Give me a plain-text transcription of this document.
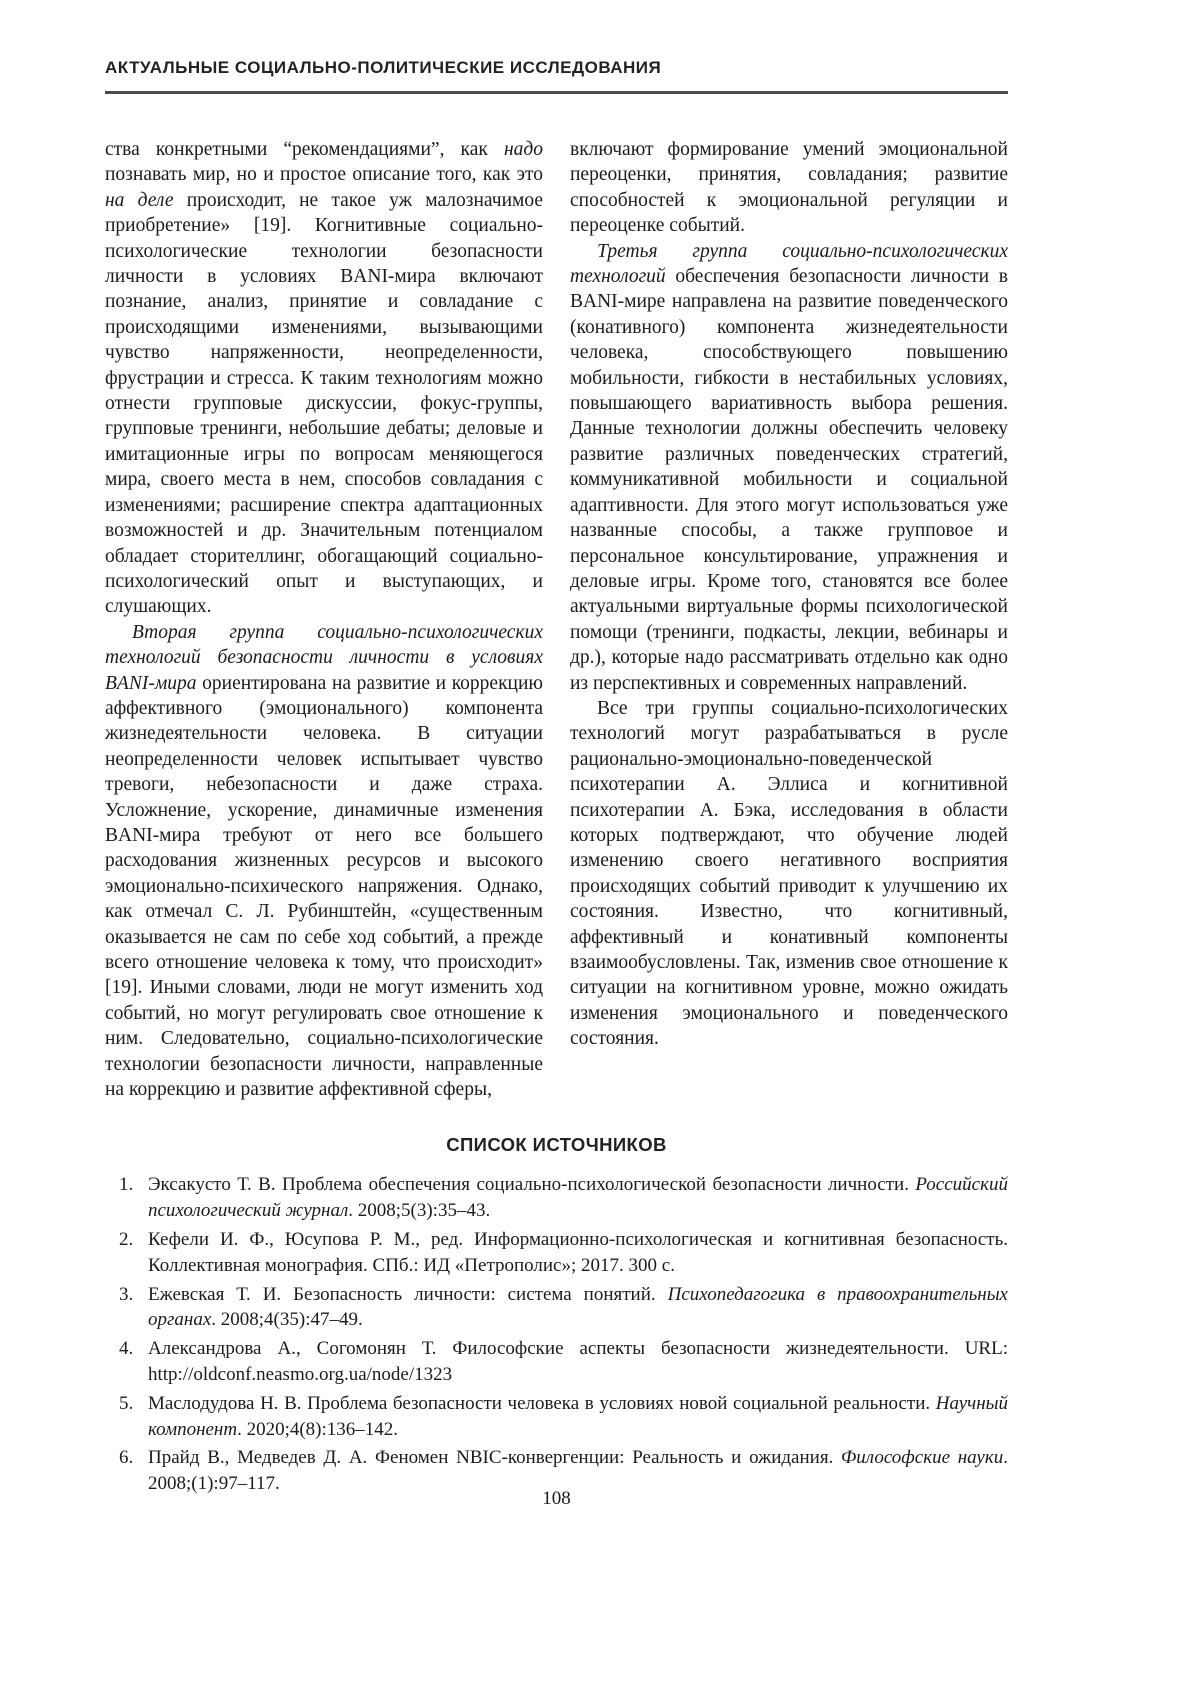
АКТУАЛЬНЫЕ СОЦИАЛЬНО-ПОЛИТИЧЕСКИЕ ИССЛЕДОВАНИЯ

ства конкретными “рекомендациями”, как надо познавать мир, но и простое описание того, как это на деле происходит, не такое уж малозначимое приобретение» [19]. Когнитивные социально-психологические технологии безопасности личности в условиях BANI-мира включают познание, анализ, принятие и совладание с происходящими изменениями, вызывающими чувство напряженности, неопределенности, фрустрации и стресса. К таким технологиям можно отнести групповые дискуссии, фокус-группы, групповые тренинги, небольшие дебаты; деловые и имитационные игры по вопросам меняющегося мира, своего места в нем, способов совладания с изменениями; расширение спектра адаптационных возможностей и др. Значительным потенциалом обладает сторителлинг, обогащающий социально-психологический опыт и выступающих, и слушающих.

Вторая группа социально-психологических технологий безопасности личности в условиях BANI-мира ориентирована на развитие и коррекцию аффективного (эмоционального) компонента жизнедеятельности человека. В ситуации неопределенности человек испытывает чувство тревоги, небезопасности и даже страха. Усложнение, ускорение, динамичные изменения BANI-мира требуют от него все большего расходования жизненных ресурсов и высокого эмоционально-психического напряжения. Однако, как отмечал С. Л. Рубинштейн, «существенным оказывается не сам по себе ход событий, а прежде всего отношение человека к тому, что происходит» [19]. Иными словами, люди не могут изменить ход событий, но могут регулировать свое отношение к ним. Следовательно, социально-психологические технологии безопасности личности, направленные на коррекцию и развитие аффективной сферы,

включают формирование умений эмоциональной переоценки, принятия, совладания; развитие способностей к эмоциональной регуляции и переоценке событий.

Третья группа социально-психологических технологий обеспечения безопасности личности в BANI-мире направлена на развитие поведенческого (конативного) компонента жизнедеятельности человека, способствующего повышению мобильности, гибкости в нестабильных условиях, повышающего вариативность выбора решения. Данные технологии должны обеспечить человеку развитие различных поведенческих стратегий, коммуникативной мобильности и социальной адаптивности. Для этого могут использоваться уже названные способы, а также групповое и персональное консультирование, упражнения и деловые игры. Кроме того, становятся все более актуальными виртуальные формы психологической помощи (тренинги, подкасты, лекции, вебинары и др.), которые надо рассматривать отдельно как одно из перспективных и современных направлений.

Все три группы социально-психологических технологий могут разрабатываться в русле рационально-эмоционально-поведенческой психотерапии А. Эллиса и когнитивной психотерапии А. Бэка, исследования в области которых подтверждают, что обучение людей изменению своего негативного восприятия происходящих событий приводит к улучшению их состояния. Известно, что когнитивный, аффективный и конативный компоненты взаимообусловлены. Так, изменив свое отношение к ситуации на когнитивном уровне, можно ожидать изменения эмоционального и поведенческого состояния.

СПИСОК ИСТОЧНИКОВ
1. Эксакусто Т. В. Проблема обеспечения социально-психологической безопасности личности. Российский психологический журнал. 2008;5(3):35–43.
2. Кефели И. Ф., Юсупова Р. М., ред. Информационно-психологическая и когнитивная безопасность. Коллективная монография. СПб.: ИД «Петрополис»; 2017. 300 с.
3. Ежевская Т. И. Безопасность личности: система понятий. Психопедагогика в правоохранительных органах. 2008;4(35):47–49.
4. Александрова А., Согомонян Т. Философские аспекты безопасности жизнедеятельности. URL: http://oldconf.neasmo.org.ua/node/1323
5. Маслодудова Н. В. Проблема безопасности человека в условиях новой социальной реальности. Научный компонент. 2020;4(8):136–142.
6. Прайд В., Медведев Д. А. Феномен NBIC-конвергенции: Реальность и ожидания. Философские науки. 2008;(1):97–117.
108
